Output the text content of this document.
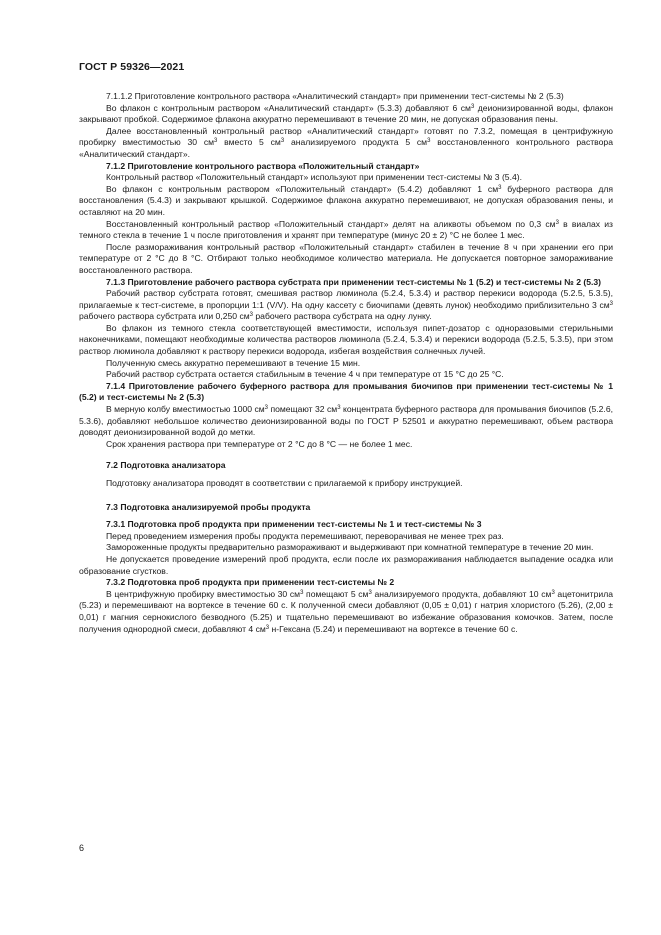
ГОСТ Р 59326—2021

7.1.1.2 Приготовление контрольного раствора «Аналитический стандарт» при применении тест-системы № 2 (5.3)

Во флакон с контрольным раствором «Аналитический стандарт» (5.3.3) добавляют 6 $см^3$ деионизированной воды, флакон закрывают пробкой. Содержимое флакона аккуратно перемешивают в течение 20 мин, не допуская образования пены.

Далее восстановленный контрольный раствор «Аналитический стандарт» готовят по 7.3.2, помещая в центрифужную пробирку вместимостью 30 $см^3$ вместо 5 $см^3$ анализируемого продукта 5 $см^3$ восстановленного контрольного раствора «Аналитический стандарт».

7.1.2 Приготовление контрольного раствора «Положительный стандарт»

Контрольный раствор «Положительный стандарт» используют при применении тест-системы № 3 (5.4).

Во флакон с контрольным раствором «Положительный стандарт» (5.4.2) добавляют 1 $см^3$ буферного раствора для восстановления (5.4.3) и закрывают крышкой. Содержимое флакона аккуратно перемешивают, не допуская образования пены, и оставляют на 20 мин.

Восстановленный контрольный раствор «Положительный стандарт» делят на аликвоты объемом по 0,3 $см^3$ в виалах из темного стекла в течение 1 ч после приготовления и хранят при температуре (минус 20 ± 2) °С не более 1 мес.

После размораживания контрольный раствор «Положительный стандарт» стабилен в течение 8 ч при хранении его при температуре от 2 °С до 8 °С. Отбирают только необходимое количество материала. Не допускается повторное замораживание восстановленного раствора.

7.1.3 Приготовление рабочего раствора субстрата при применении тест-системы № 1 (5.2) и тест-системы № 2 (5.3)

Рабочий раствор субстрата готовят, смешивая раствор люминола (5.2.4, 5.3.4) и раствор перекиси водорода (5.2.5, 5.3.5), прилагаемые к тест-системе, в пропорции 1:1 (V/V). На одну кассету с биочипами (девять лунок) необходимо приблизительно 3 $см^3$ рабочего раствора субстрата или 0,250 $см^3$ рабочего раствора субстрата на одну лунку.

Во флакон из темного стекла соответствующей вместимости, используя пипет-дозатор с одноразовыми стерильными наконечниками, помещают необходимые количества растворов люминола (5.2.4, 5.3.4) и перекиси водорода (5.2.5, 5.3.5), при этом раствор люминола добавляют к раствору перекиси водорода, избегая воздействия солнечных лучей.

Полученную смесь аккуратно перемешивают в течение 15 мин.

Рабочий раствор субстрата остается стабильным в течение 4 ч при температуре от 15 °С до 25 °С.

7.1.4 Приготовление рабочего буферного раствора для промывания биочипов при применении тест-системы № 1 (5.2) и тест-системы № 2 (5.3)

В мерную колбу вместимостью 1000 $см^3$ помещают 32 $см^3$ концентрата буферного раствора для промывания биочипов (5.2.6, 5.3.6), добавляют небольшое количество деионизированной воды по ГОСТ Р 52501 и аккуратно перемешивают, объем раствора доводят деионизированной водой до метки.

Срок хранения раствора при температуре от 2 °С до 8 °С — не более 1 мес.

7.2 Подготовка анализатора

Подготовку анализатора проводят в соответствии с прилагаемой к прибору инструкцией.

7.3 Подготовка анализируемой пробы продукта

7.3.1 Подготовка проб продукта при применении тест-системы № 1 и тест-системы № 3

Перед проведением измерения пробы продукта перемешивают, переворачивая не менее трех раз.

Замороженные продукты предварительно размораживают и выдерживают при комнатной температуре в течение 20 мин.

Не допускается проведение измерений проб продукта, если после их размораживания наблюдается выпадение осадка или образование сгустков.

7.3.2 Подготовка проб продукта при применении тест-системы № 2

В центрифужную пробирку вместимостью 30 $см^3$ помещают 5 $см^3$ анализируемого продукта, добавляют 10 $см^3$ ацетонитрила (5.23) и перемешивают на вортексе в течение 60 с. К полученной смеси добавляют (0,05 ± 0,01) г натрия хлористого (5.26), (2,00 ± 0,01) г магния сернокислого безводного (5.25) и тщательно перемешивают во избежание образования комочков. Затем, после получения однородной смеси, добавляют 4 $см^3$ н-Гексана (5.24) и перемешивают на вортексе в течение 60 с.

6
